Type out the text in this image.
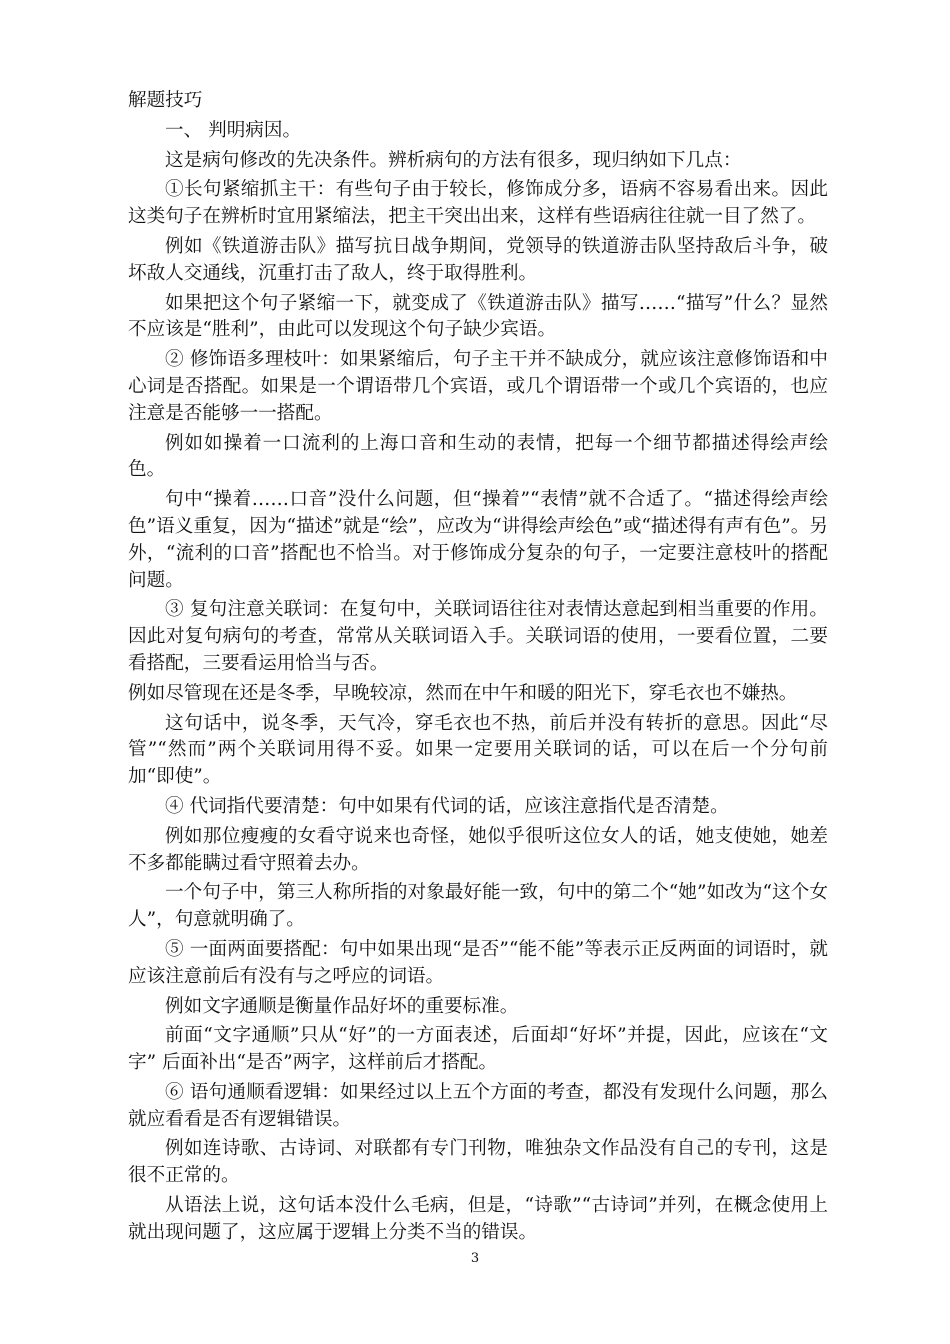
解题技巧

一、 判明病因。

这是病句修改的先决条件。辨析病句的方法有很多，现归纳如下几点：

①长句紧缩抓主干：有些句子由于较长，修饰成分多，语病不容易看出来。因此这类句子在辨析时宜用紧缩法，把主干突出出来，这样有些语病往往就一目了然了。

例如《铁道游击队》描写抗日战争期间，党领导的铁道游击队坚持敌后斗争，破坏敌人交通线，沉重打击了敌人，终于取得胜利。

如果把这个句子紧缩一下，就变成了《铁道游击队》描写……“描写”什么？显然不应该是“胜利”，由此可以发现这个句子缺少宾语。

② 修饰语多理枝叶：如果紧缩后，句子主干并不缺成分，就应该注意修饰语和中心词是否搭配。如果是一个谓语带几个宾语，或几个谓语带一个或几个宾语的，也应注意是否能够一一搭配。

例如如操着一口流利的上海口音和生动的表情，把每一个细节都描述得绘声绘色。

句中“操着……口音”没什么问题，但“操着”“表情”就不合适了。“描述得绘声绘色”语义重复，因为“描述”就是“绘”，应改为“讲得绘声绘色”或“描述得有声有色”。另外，“流利的口音”搭配也不恰当。对于修饰成分复杂的句子，一定要注意枝叶的搭配问题。

③ 复句注意关联词：在复句中，关联词语往往对表情达意起到相当重要的作用。因此对复句病句的考查，常常从关联词语入手。关联词语的使用，一要看位置，二要看搭配，三要看运用恰当与否。

例如尽管现在还是冬季，早晚较凉，然而在中午和暖的阳光下，穿毛衣也不嫌热。

这句话中，说冬季，天气冷，穿毛衣也不热，前后并没有转折的意思。因此“尽管”“然而”两个关联词用得不妥。如果一定要用关联词的话，可以在后一个分句前加“即使”。

④ 代词指代要清楚：句中如果有代词的话，应该注意指代是否清楚。

例如那位瘦瘦的女看守说来也奇怪，她似乎很听这位女人的话，她支使她，她差不多都能瞒过看守照着去办。

一个句子中，第三人称所指的对象最好能一致，句中的第二个“她”如改为“这个女人”，句意就明确了。

⑤ 一面两面要搭配：句中如果出现“是否”“能不能”等表示正反两面的词语时，就应该注意前后有没有与之呼应的词语。

例如文字通顺是衡量作品好坏的重要标准。

前面“文字通顺”只从“好”的一方面表述，后面却“好坏”并提，因此，应该在“文字” 后面补出“是否”两字，这样前后才搭配。

⑥ 语句通顺看逻辑：如果经过以上五个方面的考查，都没有发现什么问题，那么就应看看是否有逻辑错误。

例如连诗歌、古诗词、对联都有专门刊物，唯独杂文作品没有自己的专刊，这是很不正常的。

从语法上说，这句话本没什么毛病，但是，“诗歌”“古诗词”并列，在概念使用上就出现问题了，这应属于逻辑上分类不当的错误。

3
